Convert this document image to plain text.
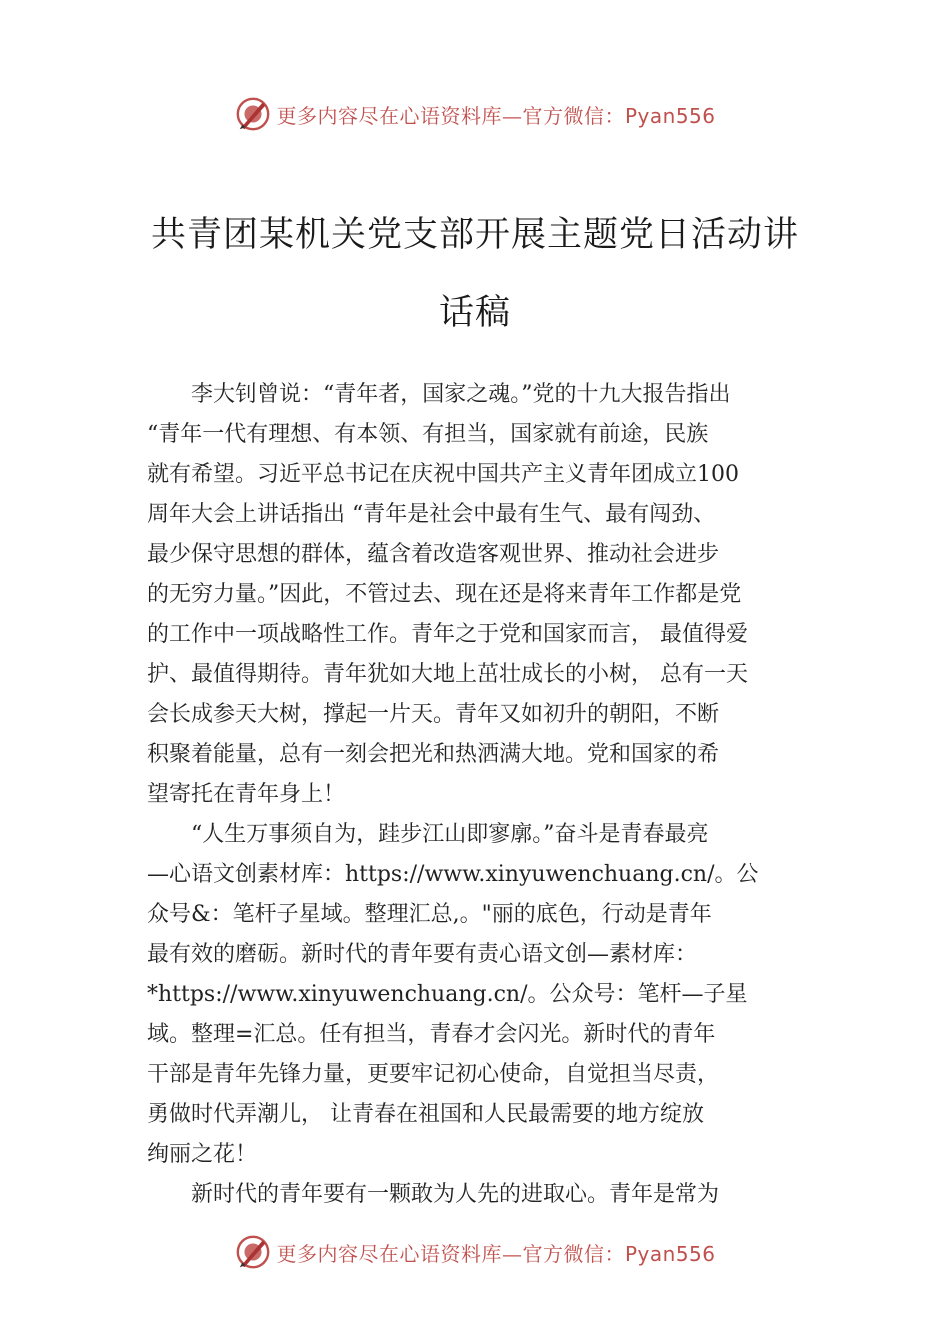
更多内容尽在心语资料库—官方微信：Pyan556
共青团某机关党支部开展主题党日活动讲
话稿
　　李大钊曾说：“青年者，国家之魂。”党的十九大报告指出
“青年一代有理想、有本领、有担当，国家就有前途，民族
就有希望。习近平总书记在庆祝中国共产主义青年团成立100
周年大会上讲话指出 “青年是社会中最有生气、最有闯劲、
最少保守思想的群体，蕴含着改造客观世界、推动社会进步
的无穷力量。”因此，不管过去、现在还是将来青年工作都是党
的工作中一项战略性工作。青年之于党和国家而言， 最值得爱
护、最值得期待。青年犹如大地上茁壮成长的小树， 总有一天
会长成参天大树，撑起一片天。青年又如初升的朝阳，不断
积聚着能量，总有一刻会把光和热洒满大地。党和国家的希
望寄托在青年身上！
　　“人生万事须自为，跬步江山即寥廓。”奋斗是青春最亮
—心语文创素材库：https://www.xinyuwenchuang.cn/。公
众号&：笔杆子星域。整理汇总,。"丽的底色，行动是青年
最有效的磨砺。新时代的青年要有责心语文创—素材库：
*https://www.xinyuwenchuang.cn/。公众号：笔杆—子星
域。整理=汇总。任有担当，青春才会闪光。新时代的青年
干部是青年先锋力量，更要牢记初心使命，自觉担当尽责，
勇做时代弄潮儿， 让青春在祖国和人民最需要的地方绽放
绚丽之花！
　　新时代的青年要有一颗敢为人先的进取心。青年是常为
更多内容尽在心语资料库—官方微信：Pyan556
